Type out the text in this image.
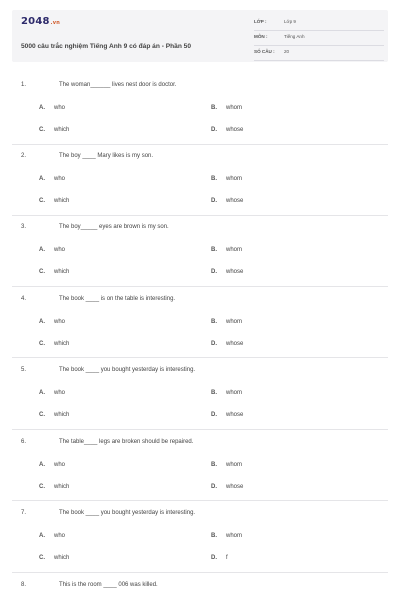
2048.vn
5000 câu trắc nghiệm Tiếng Anh 9 có đáp án - Phần 50
LỚP :	Lớp 9
MÔN :	Tiếng Anh
SỐ CÂU : 20
1.	The woman______ lives nest door is doctor.
A. who	B. whom
C. which	D. whose
2.	The boy ____ Mary likes is my son.
A. who	B. whom
C. which	D. whose
3.	The boy_____ eyes are brown is my son.
A. who	B. whom
C. which	D. whose
4.	The book ____ is on the table is interesting.
A. who	B. whom
C. which	D. whose
5.	The book ____ you bought yesterday is interesting.
A. who	B. whom
C. which	D. whose
6.	The table____ legs are broken should be repaired.
A. who	B. whom
C. which	D. whose
7.	The book ____ you bought yesterday is interesting.
A. who	B. whom
C. which	D. f
8.	This is the room ____ 006 was killed.
